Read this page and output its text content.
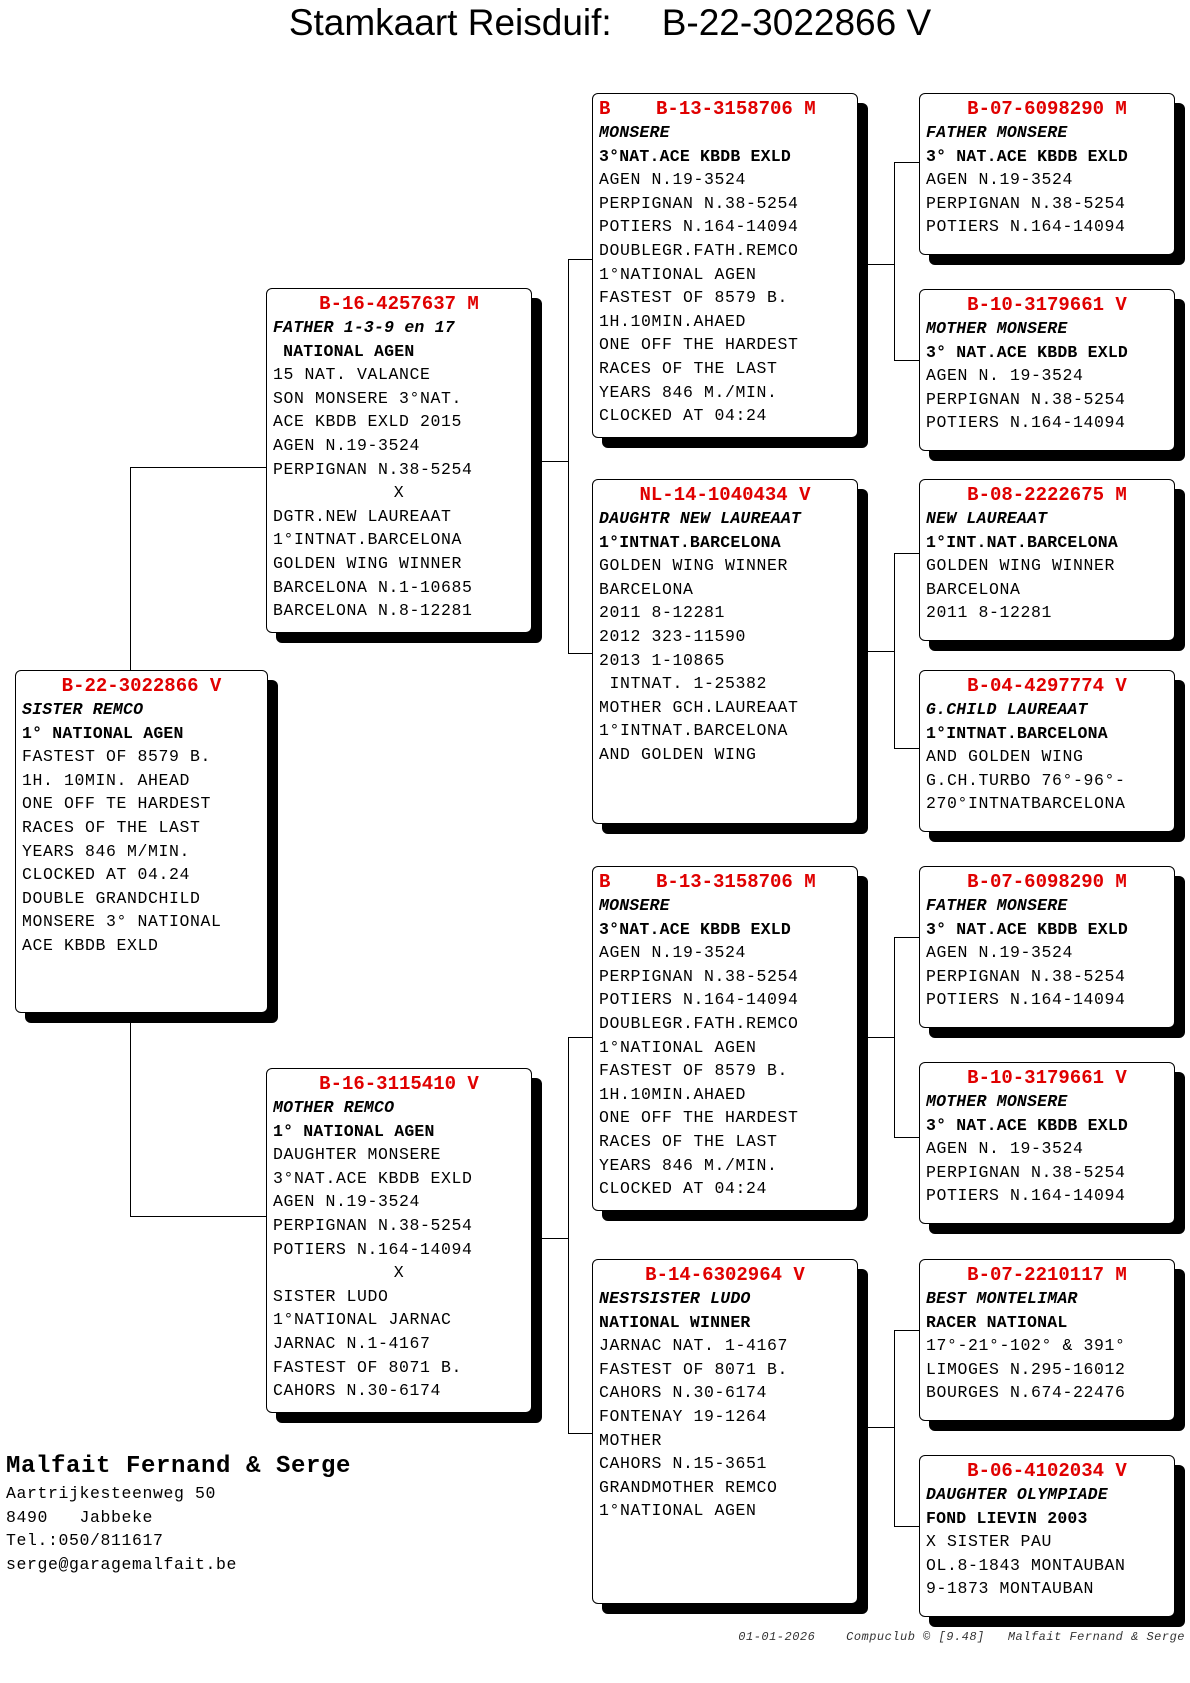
Stamkaart Reisduif: B-22-3022866 V
B-22-3022866 V
SISTER REMCO
1° NATIONAL AGEN
FASTEST OF 8579 B.
1H. 10MIN. AHEAD
ONE OFF TE HARDEST
RACES OF THE LAST
YEARS 846 M/MIN.
CLOCKED AT 04.24
DOUBLE GRANDCHILD
MONSERE 3° NATIONAL
ACE KBDB EXLD
B-16-4257637 M
FATHER 1-3-9 en 17
NATIONAL AGEN
15 NAT. VALANCE
SON MONSERE 3°NAT.
ACE KBDB EXLD 2015
AGEN N.19-3524
PERPIGNAN N.38-5254
X
DGTR.NEW LAUREAAT
1°INTNAT.BARCELONA
GOLDEN WING WINNER
BARCELONA N.1-10685
BARCELONA N.8-12281
B-16-3115410 V
MOTHER REMCO
1° NATIONAL AGEN
DAUGHTER MONSERE
3°NAT.ACE KBDB EXLD
AGEN N.19-3524
PERPIGNAN N.38-5254
POTIERS N.164-14094
X
SISTER LUDO
1°NATIONAL JARNAC
JARNAC N.1-4167
FASTEST OF 8071 B.
CAHORS N.30-6174
B    B-13-3158706 M
MONSERE
3°NAT.ACE KBDB EXLD
AGEN N.19-3524
PERPIGNAN N.38-5254
POTIERS N.164-14094
DOUBLEGR.FATH.REMCO
1°NATIONAL AGEN
FASTEST OF 8579 B.
1H.10MIN.AHAED
ONE OFF THE HARDEST
RACES OF THE LAST
YEARS 846 M./MIN.
CLOCKED AT 04:24
NL-14-1040434 V
DAUGHTR NEW LAUREAAT
1°INTNAT.BARCELONA
GOLDEN WING WINNER
BARCELONA
2011 8-12281
2012 323-11590
2013 1-10865
INTNAT. 1-25382
MOTHER GCH.LAUREAAT
1°INTNAT.BARCELONA
AND GOLDEN WING
B    B-13-3158706 M
MONSERE
3°NAT.ACE KBDB EXLD
AGEN N.19-3524
PERPIGNAN N.38-5254
POTIERS N.164-14094
DOUBLEGR.FATH.REMCO
1°NATIONAL AGEN
FASTEST OF 8579 B.
1H.10MIN.AHAED
ONE OFF THE HARDEST
RACES OF THE LAST
YEARS 846 M./MIN.
CLOCKED AT 04:24
B-14-6302964 V
NESTSISTER LUDO
NATIONAL WINNER
JARNAC NAT. 1-4167
FASTEST OF 8071 B.
CAHORS N.30-6174
FONTENAY 19-1264
MOTHER
CAHORS N.15-3651
GRANDMOTHER REMCO
1°NATIONAL AGEN
B-07-6098290 M
FATHER MONSERE
3° NAT.ACE KBDB EXLD
AGEN N.19-3524
PERPIGNAN N.38-5254
POTIERS N.164-14094
B-10-3179661 V
MOTHER MONSERE
3° NAT.ACE KBDB EXLD
AGEN N. 19-3524
PERPIGNAN N.38-5254
POTIERS N.164-14094
B-08-2222675 M
NEW LAUREAAT
1°INT.NAT.BARCELONA
GOLDEN WING WINNER
BARCELONA
2011 8-12281
B-04-4297774 V
G.CHILD LAUREAAT
1°INTNAT.BARCELONA
AND GOLDEN WING
G.CH.TURBO 76°-96°-
270°INTNATBARCELONA
B-07-6098290 M
FATHER MONSERE
3° NAT.ACE KBDB EXLD
AGEN N.19-3524
PERPIGNAN N.38-5254
POTIERS N.164-14094
B-10-3179661 V
MOTHER MONSERE
3° NAT.ACE KBDB EXLD
AGEN N. 19-3524
PERPIGNAN N.38-5254
POTIERS N.164-14094
B-07-2210117 M
BEST MONTELIMAR
RACER NATIONAL
17°-21°-102° & 391°
LIMOGES N.295-16012
BOURGES N.674-22476
B-06-4102034 V
DAUGHTER OLYMPIADE
FOND LIEVIN 2003
X SISTER PAU
OL.8-1843 MONTAUBAN
9-1873 MONTAUBAN
Malfait Fernand & Serge
Aartrijkesteenweg 50
8490   Jabbeke
Tel.:050/811617
serge@garagemalfait.be
01-01-2026	Compuclub © [9.48] Malfait Fernand & Serge
